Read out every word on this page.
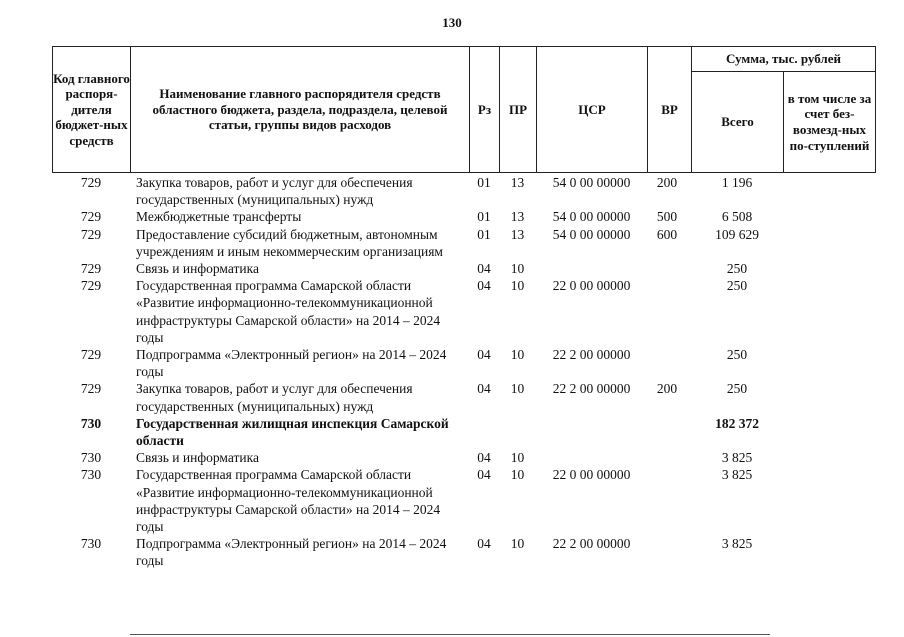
130
Код главного распоря-дителя бюджет-ных средств	Наименование главного распорядителя средств областного бюджета, раздела, подраздела, целевой статьи, группы видов расходов	Рз	ПР	ЦСР	ВР	Сумма, тыс. рублей	
						Всего	в том числе за счет без-возмезд-ных по-ступлений
729	Закупка товаров, работ и услуг для обеспечения государственных (муниципальных) нужд	01	13	54 0 00 00000	200	1 196	
729	Межбюджетные трансферты	01	13	54 0 00 00000	500	6 508	
729	Предоставление субсидий бюджетным, автономным учреждениям и иным некоммерческим организациям	01	13	54 0 00 00000	600	109 629	
729	Связь и информатика	04	10			250	
729	Государственная программа Самарской области «Развитие информационно-телекоммуникационной инфраструктуры Самарской области» на 2014 – 2024 годы	04	10	22 0 00 00000		250	
729	Подпрограмма «Электронный регион» на 2014 – 2024 годы	04	10	22 2 00 00000		250	
729	Закупка товаров, работ и услуг для обеспечения государственных (муниципальных) нужд	04	10	22 2 00 00000	200	250	
730	Государственная жилищная инспекция Самарской области					182 372	
730	Связь и информатика	04	10			3 825	
730	Государственная программа Самарской области «Развитие информационно-телекоммуникационной инфраструктуры Самарской области» на 2014 – 2024 годы	04	10	22 0 00 00000		3 825	
730	Подпрограмма «Электронный регион» на 2014 – 2024 годы	04	10	22 2 00 00000		3 825	
